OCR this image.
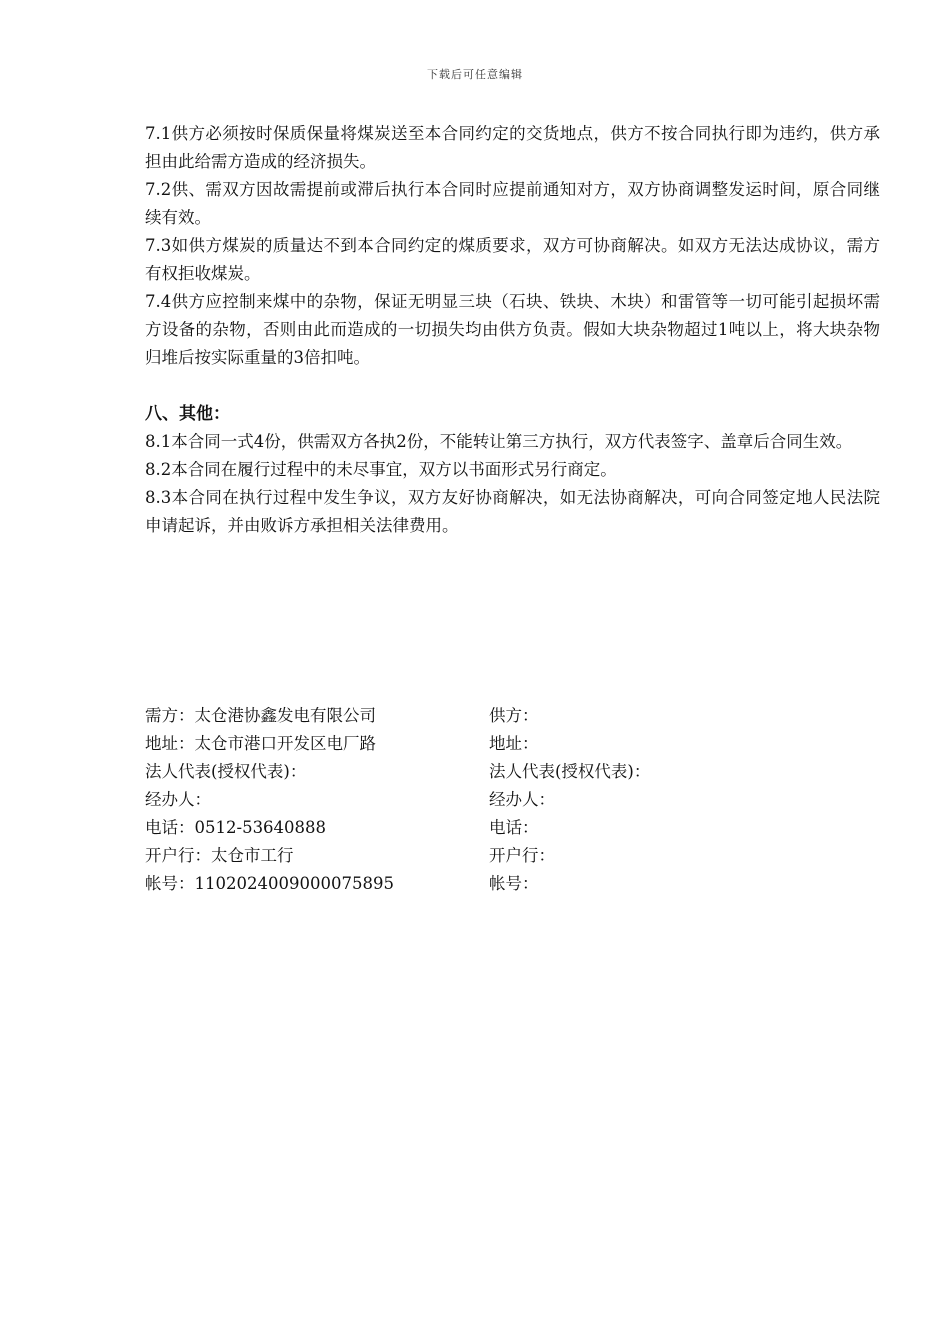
下载后可任意编辑

7.1供方必须按时保质保量将煤炭送至本合同约定的交货地点，供方不按合同执行即为违约，供方承担由此给需方造成的经济损失。

7.2供、需双方因故需提前或滞后执行本合同时应提前通知对方，双方协商调整发运时间，原合同继续有效。

7.3如供方煤炭的质量达不到本合同约定的煤质要求，双方可协商解决。如双方无法达成协议，需方有权拒收煤炭。

7.4供方应控制来煤中的杂物，保证无明显三块（石块、铁块、木块）和雷管等一切可能引起损坏需方设备的杂物，否则由此而造成的一切损失均由供方负责。假如大块杂物超过1吨以上，将大块杂物归堆后按实际重量的3倍扣吨。

八、其他：

8.1本合同一式4份，供需双方各执2份，不能转让第三方执行，双方代表签字、盖章后合同生效。

8.2本合同在履行过程中的未尽事宜，双方以书面形式另行商定。

8.3本合同在执行过程中发生争议，双方友好协商解决，如无法协商解决，可向合同签定地人民法院申请起诉，并由败诉方承担相关法律费用。

需方：太仓港协鑫发电有限公司	供方：
地址：太仓市港口开发区电厂路	地址：
法人代表(授权代表)：	法人代表(授权代表)：
经办人：	经办人：
电话：0512-53640888	电话：
开户行：太仓市工行	开户行：
帐号：1102024009000075895	帐号：
